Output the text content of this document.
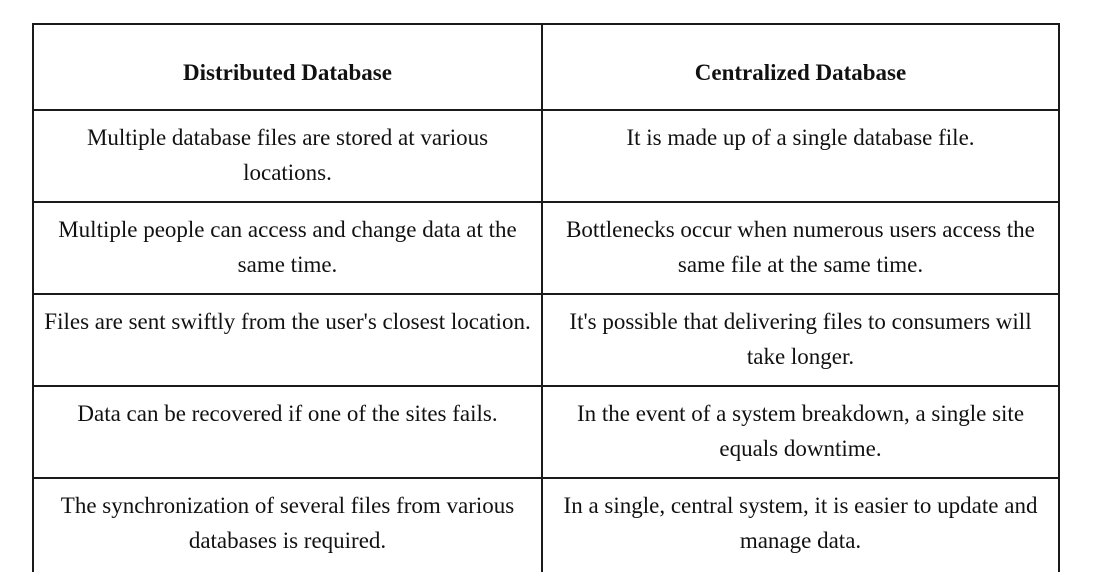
Distributed Database	Centralized Database
Multiple database files are stored at various locations.	It is made up of a single database file.
Multiple people can access and change data at the same time.	Bottlenecks occur when numerous users access the same file at the same time.
Files are sent swiftly from the user's closest location.	It's possible that delivering files to consumers will take longer.
Data can be recovered if one of the sites fails.	In the event of a system breakdown, a single site equals downtime.
The synchronization of several files from various databases is required.	In a single, central system, it is easier to update and manage data.
